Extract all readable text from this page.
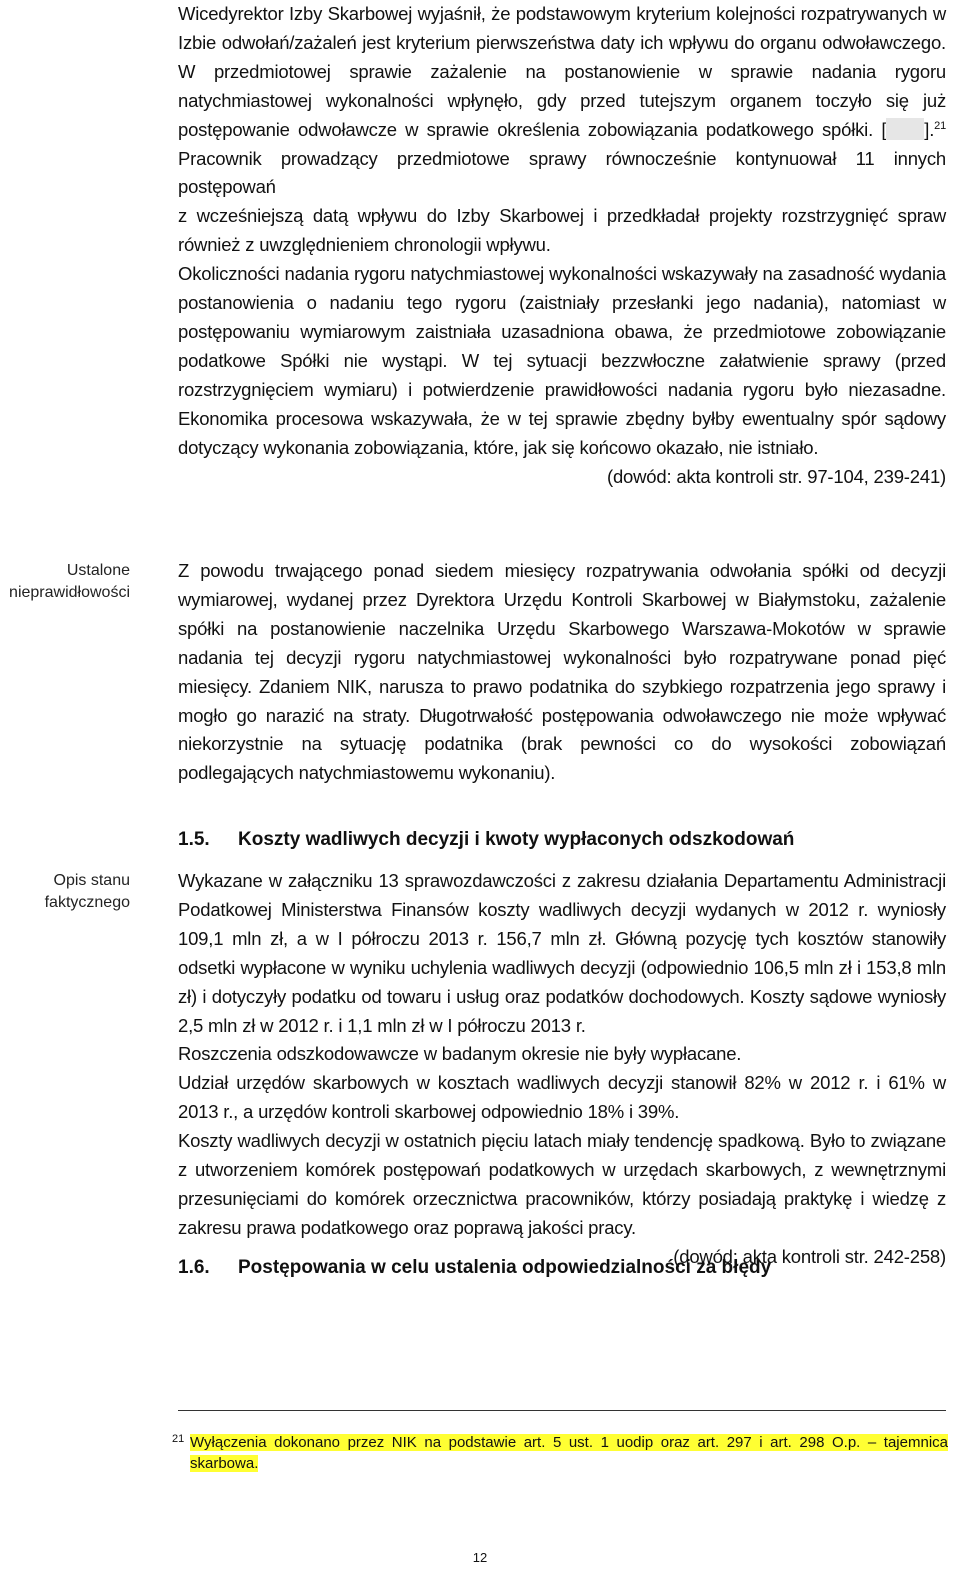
Wicedyrektor Izby Skarbowej wyjaśnił, że podstawowym kryterium kolejności rozpatrywanych w Izbie odwołań/zażaleń jest kryterium pierwszeństwa daty ich wpływu do organu odwoławczego. W przedmiotowej sprawie zażalenie na postanowienie w sprawie nadania rygoru natychmiastowej wykonalności wpłynęło, gdy przed tutejszym organem toczyło się już postępowanie odwoławcze w sprawie określenia zobowiązania podatkowego spółki. [ ].$^{21}$ Pracownik prowadzący przedmiotowe sprawy równocześnie kontynuował 11 innych postępowań

z wcześniejszą datą wpływu do Izby Skarbowej i przedkładał projekty rozstrzygnięć spraw również z uwzględnieniem chronologii wpływu.

Okoliczności nadania rygoru natychmiastowej wykonalności wskazywały na zasadność wydania postanowienia o nadaniu tego rygoru (zaistniały przesłanki jego nadania), natomiast w postępowaniu wymiarowym zaistniała uzasadniona obawa, że przedmiotowe zobowiązanie podatkowe Spółki nie wystąpi. W tej sytuacji bezzwłoczne załatwienie sprawy (przed rozstrzygnięciem wymiaru) i potwierdzenie prawidłowości nadania rygoru było niezasadne. Ekonomika procesowa wskazywała, że w tej sprawie zbędny byłby ewentualny spór sądowy dotyczący wykonania zobowiązania, które, jak się końcowo okazało, nie istniało.

(dowód: akta kontroli str. 97-104, 239-241)

Ustalone nieprawidłowości

Z powodu trwającego ponad siedem miesięcy rozpatrywania odwołania spółki od decyzji wymiarowej, wydanej przez Dyrektora Urzędu Kontroli Skarbowej w Białymstoku, zażalenie spółki na postanowienie naczelnika Urzędu Skarbowego Warszawa-Mokotów w sprawie nadania tej decyzji rygoru natychmiastowej wykonalności było rozpatrywane ponad pięć miesięcy. Zdaniem NIK, narusza to prawo podatnika do szybkiego rozpatrzenia jego sprawy i mogło go narazić na straty. Długotrwałość postępowania odwoławczego nie może wpływać niekorzystnie na sytuację podatnika (brak pewności co do wysokości zobowiązań podlegających natychmiastowemu wykonaniu).

1.5. Koszty wadliwych decyzji i kwoty wypłaconych odszkodowań
Opis stanu faktycznego

Wykazane w załączniku 13 sprawozdawczości z zakresu działania Departamentu Administracji Podatkowej Ministerstwa Finansów koszty wadliwych decyzji wydanych w 2012 r. wyniosły 109,1 mln zł, a w I półroczu 2013 r. 156,7 mln zł. Główną pozycję tych kosztów stanowiły odsetki wypłacone w wyniku uchylenia wadliwych decyzji (odpowiednio 106,5 mln zł i 153,8 mln zł) i dotyczyły podatku od towaru i usług oraz podatków dochodowych. Koszty sądowe wyniosły 2,5 mln zł w 2012 r. i 1,1 mln zł w I półroczu 2013 r.

Roszczenia odszkodowawcze w badanym okresie nie były wypłacane.

Udział urzędów skarbowych w kosztach wadliwych decyzji stanowił 82% w 2012 r. i 61% w 2013 r., a urzędów kontroli skarbowej odpowiednio 18% i 39%.

Koszty wadliwych decyzji w ostatnich pięciu latach miały tendencję spadkową. Było to związane z utworzeniem komórek postępowań podatkowych w urzędach skarbowych, z wewnętrznymi przesunięciami do komórek orzecznictwa pracowników, którzy posiadają praktykę i wiedzę z zakresu prawa podatkowego oraz poprawą jakości pracy.

(dowód: akta kontroli str. 242-258)

1.6. Postępowania w celu ustalenia odpowiedzialności za błędy
21 Wyłączenia dokonano przez NIK na podstawie art. 5 ust. 1 uodip oraz art. 297 i art. 298 O.p. – tajemnica skarbowa.
12
